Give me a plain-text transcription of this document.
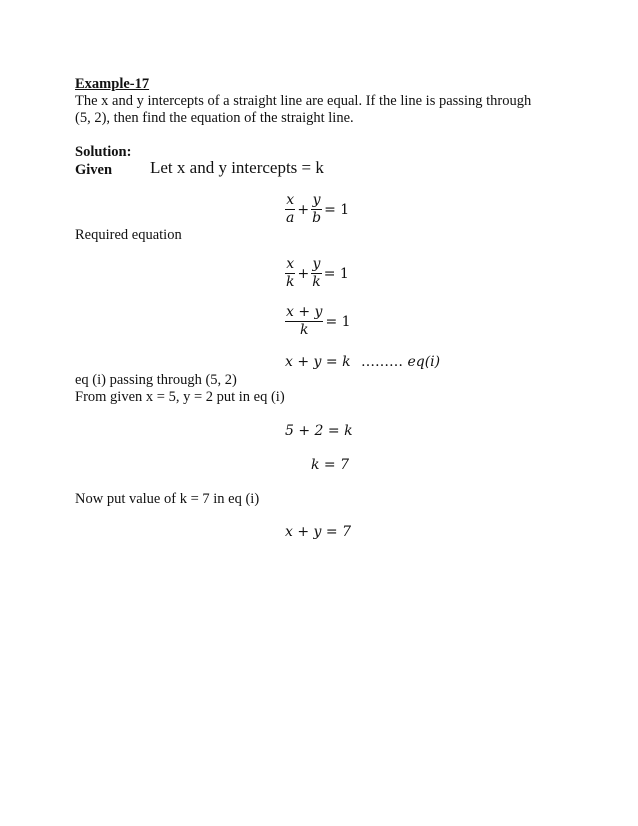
Example-17
The x and y intercepts of a straight line are equal. If the line is passing through
(5, 2), then find the equation of the straight line.
Solution:
Given Let x and y intercepts = k
$\frac{x}{a} + \frac{y}{b} = 1$
Required equation
$\frac{x}{k} + \frac{y}{k} = 1$
$\frac{x + y}{k} = 1$
x + y = k ……… eq(i)
eq (i) passing through (5, 2)
From given x = 5, y = 2 put in eq (i)
5 + 2 = k
k = 7
Now put value of k = 7 in eq (i)
x + y = 7
